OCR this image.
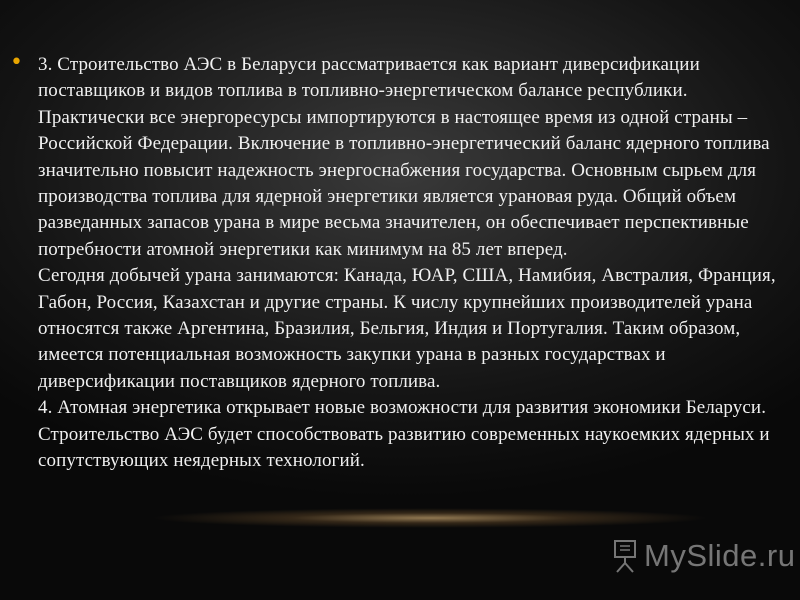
• 3. Строительство АЭС в Беларуси рассматривается как вариант диверсификации поставщиков и видов топлива в топливно-энергетическом балансе республики. Практически все энергоресурсы импортируются в настоящее время из одной страны – Российской Федерации. Включение в топливно-энергетический баланс ядерного топлива значительно повысит надежность энергоснабжения государства. Основным сырьем для производства топлива для ядерной энергетики является урановая руда. Общий объем разведанных запасов урана в мире весьма значителен, он обеспечивает перспективные потребности атомной энергетики как минимум на 85 лет вперед.

Сегодня добычей урана занимаются: Канада, ЮАР, США, Намибия, Австралия, Франция, Габон, Россия, Казахстан и другие страны. К числу крупнейших производителей урана относятся также Аргентина, Бразилия, Бельгия, Индия и Португалия. Таким образом, имеется потенциальная возможность закупки урана в разных государствах и диверсификации поставщиков ядерного топлива.

4. Атомная энергетика открывает новые возможности для развития экономики Беларуси. Строительство АЭС будет способствовать развитию современных наукоемких ядерных и сопутствующих неядерных технологий.

MySlide.ru
